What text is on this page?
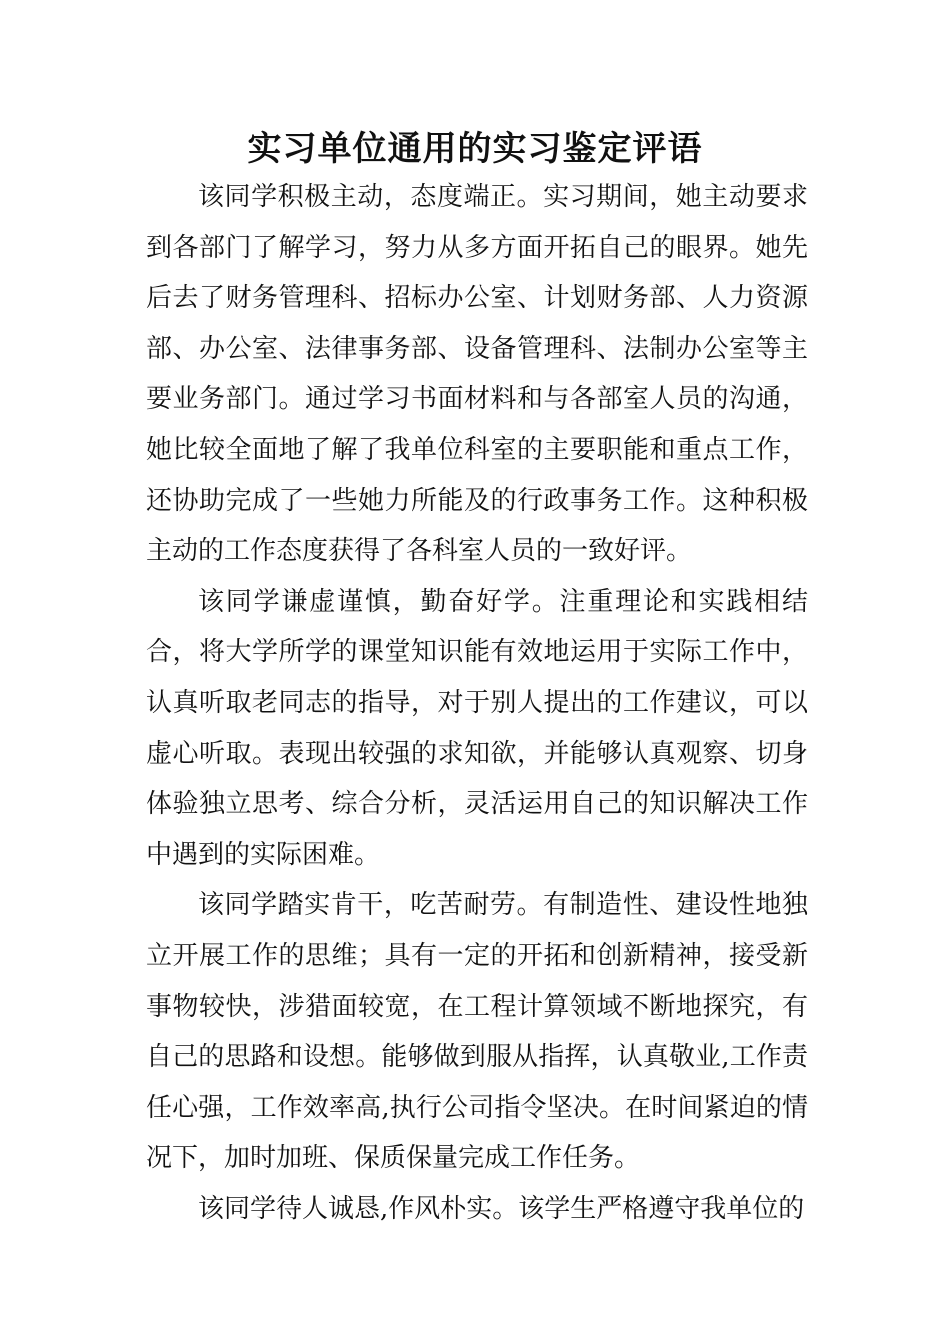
实习单位通用的实习鉴定评语

该同学积极主动，态度端正。实习期间，她主动要求到各部门了解学习，努力从多方面开拓自己的眼界。她先后去了财务管理科、招标办公室、计划财务部、人力资源部、办公室、法律事务部、设备管理科、法制办公室等主要业务部门。通过学习书面材料和与各部室人员的沟通，她比较全面地了解了我单位科室的主要职能和重点工作，还协助完成了一些她力所能及的行政事务工作。这种积极主动的工作态度获得了各科室人员的一致好评。

该同学谦虚谨慎，勤奋好学。注重理论和实践相结合，将大学所学的课堂知识能有效地运用于实际工作中，认真听取老同志的指导，对于别人提出的工作建议，可以虚心听取。表现出较强的求知欲，并能够认真观察、切身体验独立思考、综合分析，灵活运用自己的知识解决工作中遇到的实际困难。

该同学踏实肯干，吃苦耐劳。有制造性、建设性地独立开展工作的思维；具有一定的开拓和创新精神，接受新事物较快，涉猎面较宽，在工程计算领域不断地探究，有自己的思路和设想。能够做到服从指挥，认真敬业,工作责任心强，工作效率高,执行公司指令坚决。在时间紧迫的情况下，加时加班、保质保量完成工作任务。

该同学待人诚恳,作风朴实。该学生严格遵守我单位的
